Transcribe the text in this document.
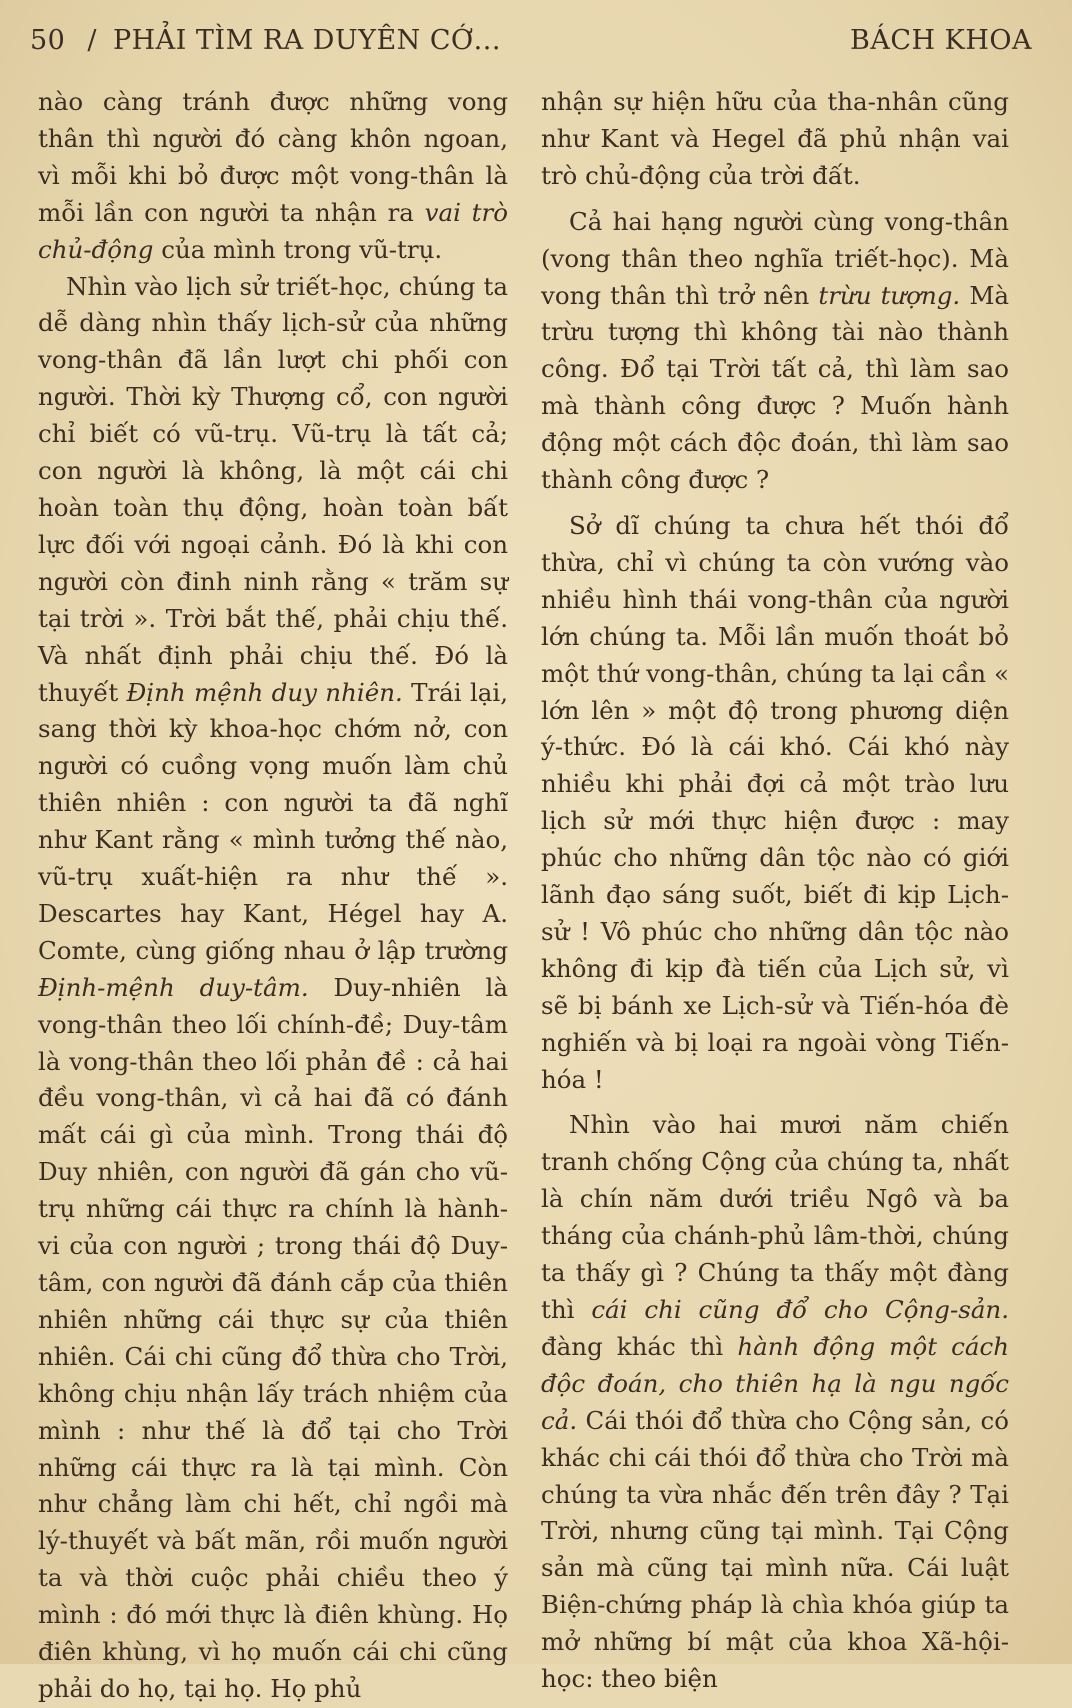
50 / PHẢI TÌM RA DUYÊN CỚ...	BÁCH KHOA

nào càng tránh được những vong thân thì người đó càng khôn ngoan, vì mỗi khi bỏ được một vong-thân là mỗi lần con người ta nhận ra vai trò chủ-động của mình trong vũ-trụ.

Nhìn vào lịch sử triết-học, chúng ta dễ dàng nhìn thấy lịch-sử của những vong-thân đã lần lượt chi phối con người. Thời kỳ Thượng cổ, con người chỉ biết có vũ-trụ. Vũ-trụ là tất cả; con người là không, là một cái chi hoàn toàn thụ động, hoàn toàn bất lực đối với ngoại cảnh. Đó là khi con người còn đinh ninh rằng « trăm sự tại trời ». Trời bắt thế, phải chịu thế. Và nhất định phải chịu thế. Đó là thuyết Định mệnh duy nhiên. Trái lại, sang thời kỳ khoa-học chớm nở, con người có cuồng vọng muốn làm chủ thiên nhiên : con người ta đã nghĩ như Kant rằng « mình tưởng thế nào, vũ-trụ xuất-hiện ra như thế ». Descartes hay Kant, Hégel hay A. Comte, cùng giống nhau ở lập trường Định-mệnh duy-tâm. Duy-nhiên là vong-thân theo lối chính-đề; Duy-tâm là vong-thân theo lối phản đề : cả hai đều vong-thân, vì cả hai đã có đánh mất cái gì của mình. Trong thái độ Duy nhiên, con người đã gán cho vũ-trụ những cái thực ra chính là hành-vi của con người ; trong thái độ Duy-tâm, con người đã đánh cắp của thiên nhiên những cái thực sự của thiên nhiên. Cái chi cũng đổ thừa cho Trời, không chịu nhận lấy trách nhiệm của mình : như thế là đổ tại cho Trời những cái thực ra là tại mình. Còn như chẳng làm chi hết, chỉ ngồi mà lý-thuyết và bất mãn, rồi muốn người ta và thời cuộc phải chiều theo ý mình : đó mới thực là điên khùng. Họ điên khùng, vì họ muốn cái chi cũng phải do họ, tại họ. Họ phủ

nhận sự hiện hữu của tha-nhân cũng như Kant và Hegel đã phủ nhận vai trò chủ-động của trời đất.

Cả hai hạng người cùng vong-thân (vong thân theo nghĩa triết-học). Mà vong thân thì trở nên trừu tượng. Mà trừu tượng thì không tài nào thành công. Đổ tại Trời tất cả, thì làm sao mà thành công được ? Muốn hành động một cách độc đoán, thì làm sao thành công được ?

Sở dĩ chúng ta chưa hết thói đổ thừa, chỉ vì chúng ta còn vướng vào nhiều hình thái vong-thân của người lớn chúng ta. Mỗi lần muốn thoát bỏ một thứ vong-thân, chúng ta lại cần « lớn lên » một độ trong phương diện ý-thức. Đó là cái khó. Cái khó này nhiều khi phải đợi cả một trào lưu lịch sử mới thực hiện được : may phúc cho những dân tộc nào có giới lãnh đạo sáng suốt, biết đi kịp Lịch-sử ! Vô phúc cho những dân tộc nào không đi kịp đà tiến của Lịch sử, vì sẽ bị bánh xe Lịch-sử và Tiến-hóa đè nghiến và bị loại ra ngoài vòng Tiến-hóa !

Nhìn vào hai mươi năm chiến tranh chống Cộng của chúng ta, nhất là chín năm dưới triều Ngô và ba tháng của chánh-phủ lâm-thời, chúng ta thấy gì ? Chúng ta thấy một đàng thì cái chi cũng đổ cho Cộng-sản. đàng khác thì hành động một cách độc đoán, cho thiên hạ là ngu ngốc cả. Cái thói đổ thừa cho Cộng sản, có khác chi cái thói đổ thừa cho Trời mà chúng ta vừa nhắc đến trên đây ? Tại Trời, nhưng cũng tại mình. Tại Cộng sản mà cũng tại mình nữa. Cái luật Biện-chứng pháp là chìa khóa giúp ta mở những bí mật của khoa Xã-hội-học: theo biện
